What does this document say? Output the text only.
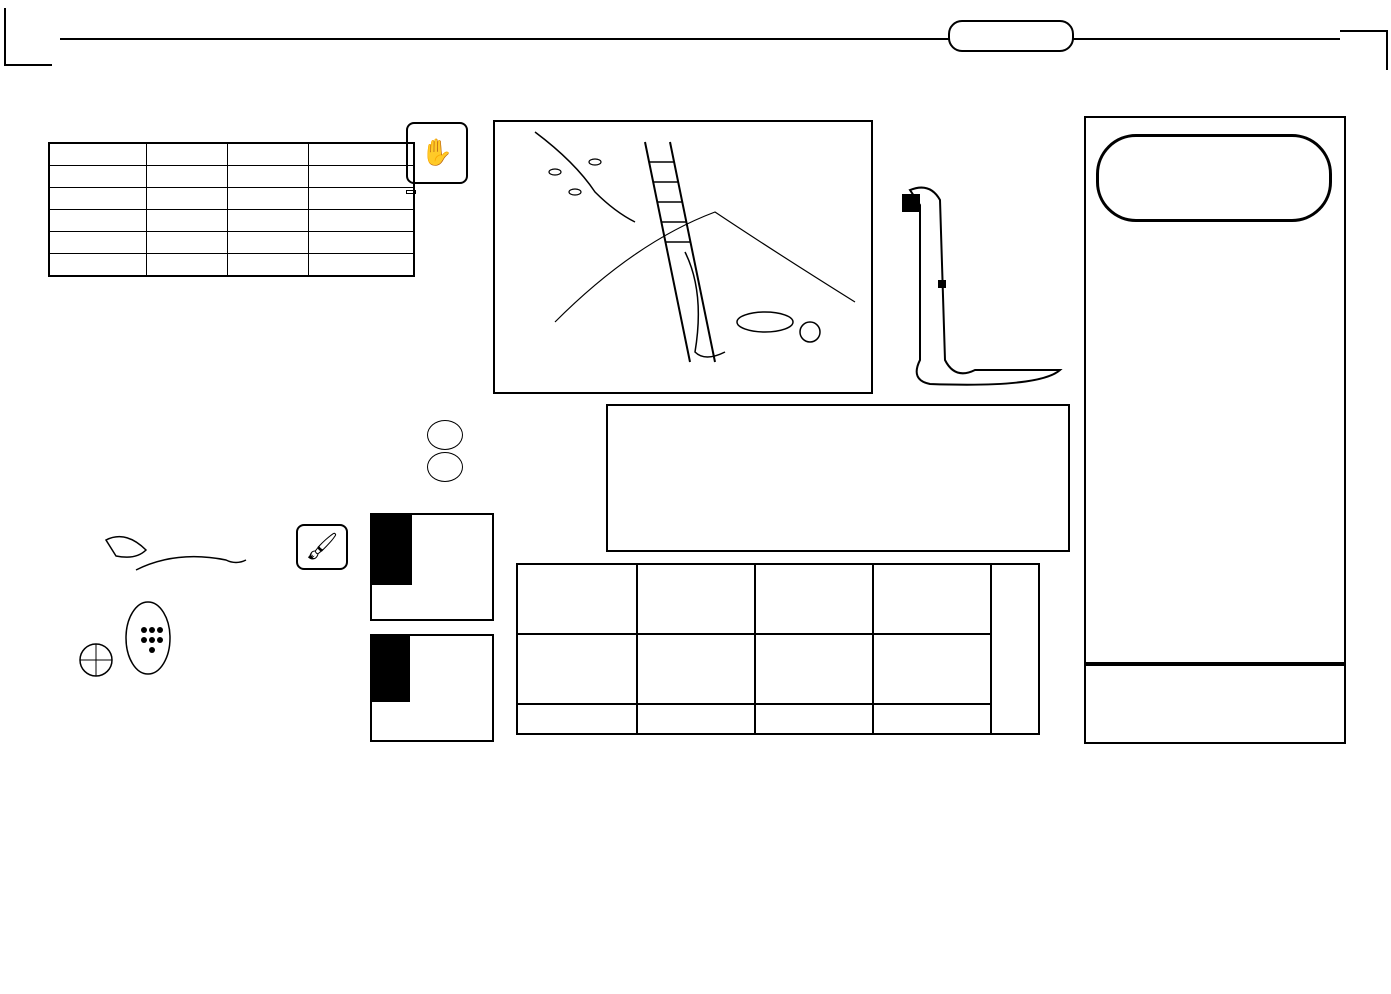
✋
🖌
